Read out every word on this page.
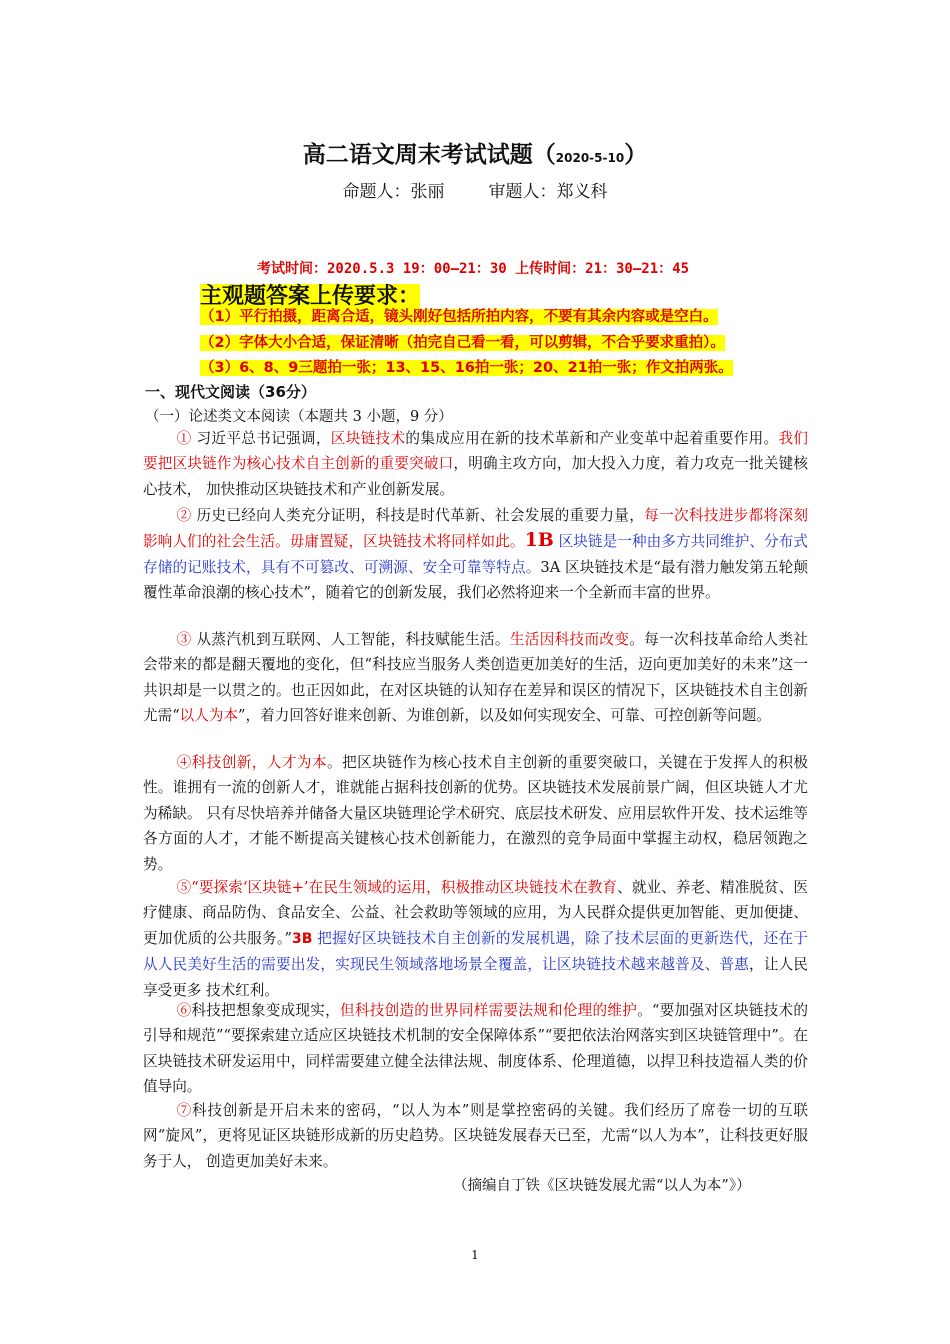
高二语文周末考试试题（2020-5-10）
命题人：张丽	审题人：郑义科
考试时间：2020.5.3 19：00—21：30 上传时间：21：30—21：45
主观题答案上传要求：
（1）平行拍摄，距离合适，镜头刚好包括所拍内容，不要有其余内容或是空白。
（2）字体大小合适，保证清晰（拍完自己看一看，可以剪辑，不合乎要求重拍）。
（3）6、8、9三题拍一张；13、15、16拍一张；20、21拍一张；作文拍两张。
一、现代文阅读（36分）
（一）论述类文本阅读（本题共 3 小题，9 分）
① 习近平总书记强调，区块链技术的集成应用在新的技术革新和产业变革中起着重要作用。我们要把区块链作为核心技术自主创新的重要突破口，明确主攻方向，加大投入力度，着力攻克一批关键核心技术， 加快推动区块链技术和产业创新发展。
② 历史已经向人类充分证明，科技是时代革新、社会发展的重要力量，每一次科技进步都将深刻影响人们的社会生活。毋庸置疑，区块链技术将同样如此。1B 区块链是一种由多方共同维护、分布式存储的记账技术，具有不可篡改、可溯源、安全可靠等特点。3A 区块链技术是“最有潜力触发第五轮颠覆性革命浪潮的核心技术”，随着它的创新发展，我们必然将迎来一个全新而丰富的世界。
③ 从蒸汽机到互联网、人工智能，科技赋能生活。生活因科技而改变。每一次科技革命给人类社会带来的都是翻天覆地的变化，但“科技应当服务人类创造更加美好的生活，迈向更加美好的未来”这一共识却是一以贯之的。也正因如此，在对区块链的认知存在差异和误区的情况下，区块链技术自主创新尤需“以人为本”，着力回答好谁来创新、为谁创新，以及如何实现安全、可靠、可控创新等问题。
④科技创新，人才为本。把区块链作为核心技术自主创新的重要突破口，关键在于发挥人的积极性。谁拥有一流的创新人才，谁就能占据科技创新的优势。区块链技术发展前景广阔，但区块链人才尤为稀缺。 只有尽快培养并储备大量区块链理论学术研究、底层技术研发、应用层软件开发、技术运维等各方面的人才，才能不断提高关键核心技术创新能力，在激烈的竞争局面中掌握主动权，稳居领跑之势。
⑤“要探索‘区块链+’在民生领域的运用，积极推动区块链技术在教育、就业、养老、精准脱贫、医疗健康、商品防伪、食品安全、公益、社会救助等领域的应用，为人民群众提供更加智能、更加便捷、更加优质的公共服务。”3B 把握好区块链技术自主创新的发展机遇，除了技术层面的更新迭代，还在于从人民美好生活的需要出发，实现民生领域落地场景全覆盖，让区块链技术越来越普及、普惠，让人民享受更多 技术红利。
⑥科技把想象变成现实，但科技创造的世界同样需要法规和伦理的维护。“要加强对区块链技术的引导和规范”“要探索建立适应区块链技术机制的安全保障体系”“要把依法治网落实到区块链管理中”。在区块链技术研发运用中，同样需要建立健全法律法规、制度体系、伦理道德，以捍卫科技造福人类的价值导向。
⑦科技创新是开启未来的密码，“以人为本”则是掌控密码的关键。我们经历了席卷一切的互联网“旋风”，更将见证区块链形成新的历史趋势。区块链发展春天已至，尤需“以人为本”，让科技更好服务于人， 创造更加美好未来。
（摘编自丁铁《区块链发展尤需“以人为本”》）
1
